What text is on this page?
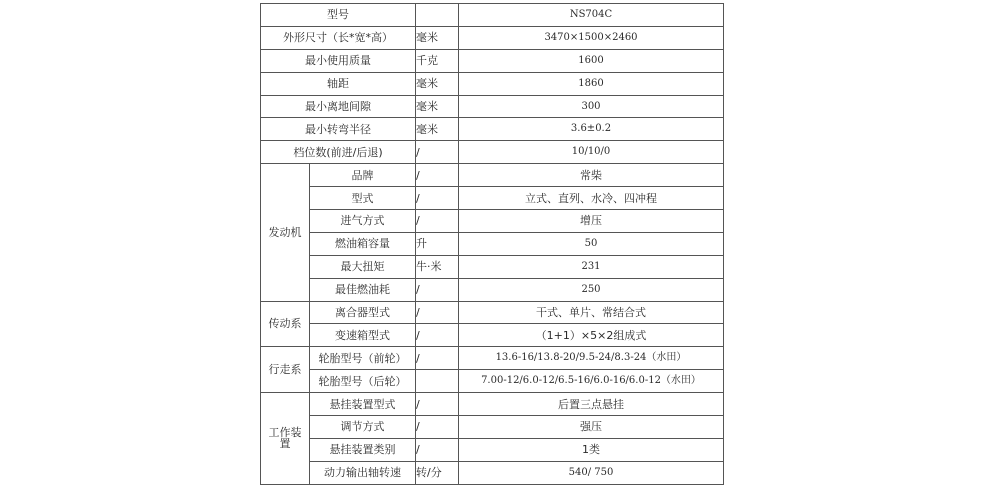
型号			NS704C
外形尺寸（长*宽*高）		毫米	3470×1500×2460
最小使用质量		千克	1600
轴距		毫米	1860
最小离地间隙		毫米	300
最小转弯半径		毫米	3.6±0.2
档位数(前进/后退)		/	10/10/0
发动机	品牌	/	常柴
	型式	/	立式、直列、水冷、四冲程
	进气方式	/	增压
	燃油箱容量	升	50
	最大扭矩	牛·米	231
	最佳燃油耗	/	250
传动系	离合器型式	/	干式、单片、常结合式
	变速箱型式	/	（1+1）×5×2组成式
行走系	轮胎型号（前轮）	/	13.6-16/13.8-20/9.5-24/8.3-24（水田）
	轮胎型号（后轮）		7.00-12/6.0-12/6.5-16/6.0-16/6.0-12（水田）
工作装置	悬挂装置型式	/	后置三点悬挂
	调节方式	/	强压
	悬挂装置类别	/	1类
	动力输出轴转速	转/分	540/ 750
